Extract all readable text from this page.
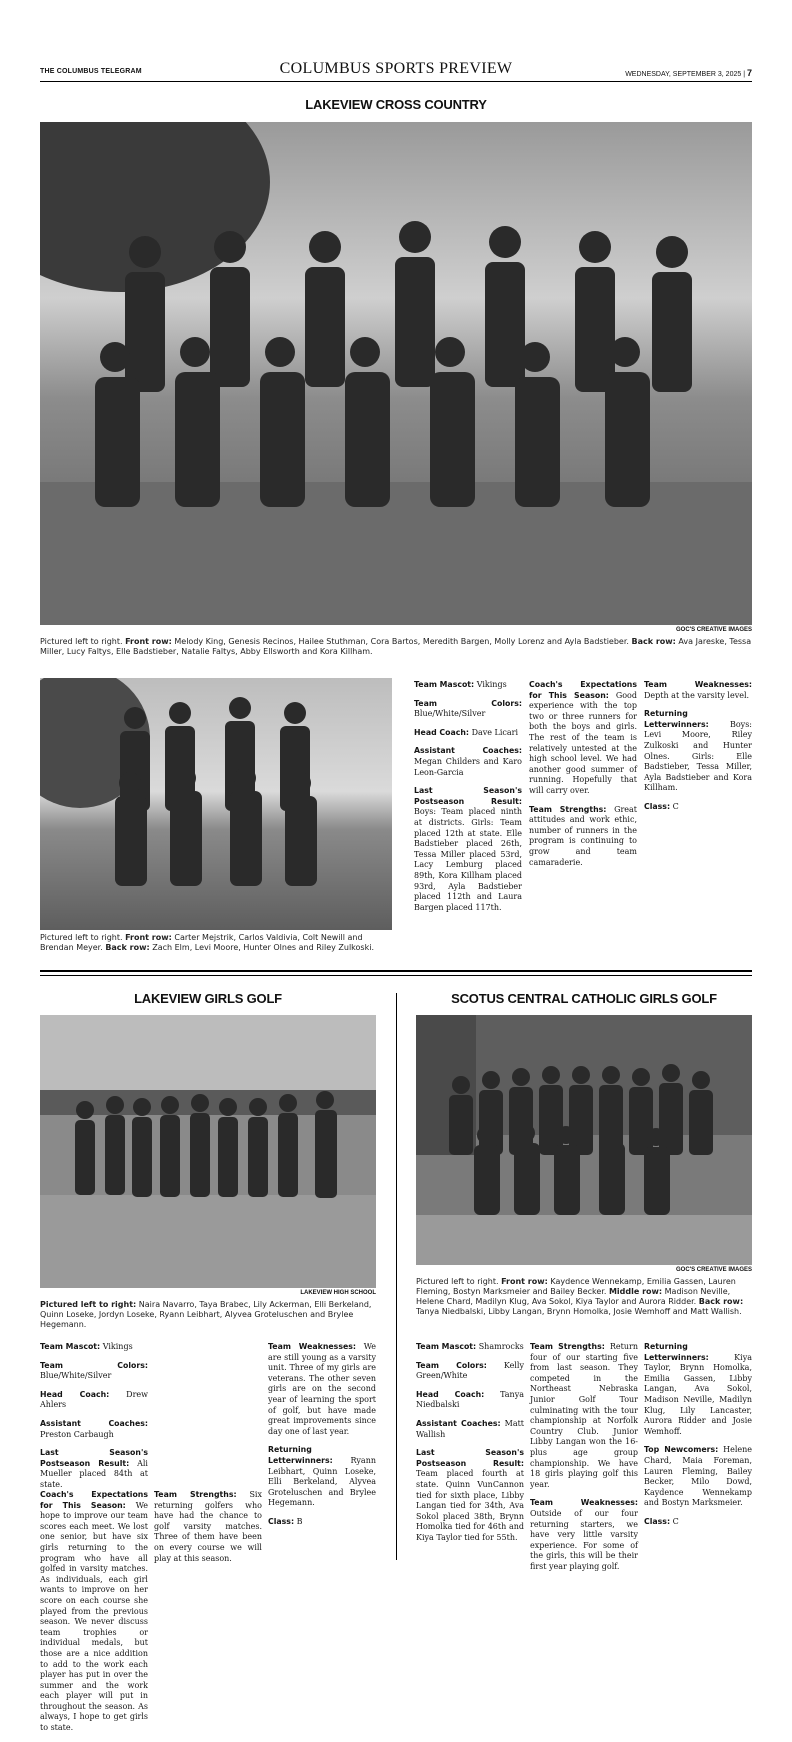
THE COLUMBUS TELEGRAM	COLUMBUS SPORTS PREVIEW	WEDNESDAY, SEPTEMBER 3, 2025 | 7
LAKEVIEW CROSS COUNTRY
GOC'S CREATIVE IMAGES
Pictured left to right. Front row: Melody King, Genesis Recinos, Hailee Stuthman, Cora Bartos, Meredith Bargen, Molly Lorenz and Ayla Badstieber. Back row: Ava Jareske, Tessa Miller, Lucy Faltys, Elle Badstieber, Natalie Faltys, Abby Ellsworth and Kora Killham.
Pictured left to right. Front row: Carter Mejstrik, Carlos Valdivia, Colt Newill and Brendan Meyer. Back row: Zach Elm, Levi Moore, Hunter Olnes and Riley Zulkoski.

Team Mascot: Vikings

Team Colors: Blue/White/Silver

Head Coach: Dave Licari

Assistant Coaches: Megan Childers and Karo Leon-Garcia

Last Season's Postseason Result: Boys: Team placed ninth at districts. Girls: Team placed 12th at state. Elle Badstieber placed 26th, Tessa Miller placed 53rd, Lacy Lemburg placed 89th, Kora Killham placed 93rd, Ayla Badstieber placed 112th and Laura Bargen placed 117th.

Coach's Expectations for This Season: Good experience with the top two or three runners for both the boys and girls. The rest of the team is relatively untested at the high school level. We had another good summer of running. Hopefully that will carry over.

Team Strengths: Great attitudes and work ethic, number of runners in the program is continuing to grow and team camaraderie.

Team Weaknesses: Depth at the varsity level.

Returning Letterwinners:	Boys: Levi Moore, Riley Zulkoski and Hunter Olnes. Girls: Elle Badstieber, Tessa Miller, Ayla Badstieber and Kora Killham.

Class: C

LAKEVIEW GIRLS GOLF
LAKEVIEW HIGH SCHOOL
Pictured left to right: Naira Navarro, Taya Brabec, Lily Ackerman, Elli Berkeland, Quinn Loseke, Jordyn Loseke, Ryann Leibhart, Alyvea Groteluschen and Brylee Hegemann.

Team Mascot: Vikings

Team Colors: Blue/White/Silver

Head Coach: Drew Ahlers

Assistant Coaches: Preston Carbaugh

Last Season's Postseason Result: Ali Mueller placed 84th at state.

Coach's Expectations for This Season: We hope to improve our team scores each meet. We lost one senior, but have six girls returning to the program who have all golfed in varsity matches. As individuals, each girl wants to improve on her score on each course she played from the previous season. We never discuss team trophies or individual medals, but those are a nice addition to add to the work each player has put in over the summer and the work each player will put in throughout the season. As always, I hope to get girls to state.

Team Weaknesses: We are still young as a varsity unit. Three of my girls are veterans. The other seven girls are on the second year of learning the sport of golf, but have made great improvements since day one of last year.

Returning Letterwinners: Ryann Leibhart, Quinn Loseke, Elli Berkeland, Alyvea Groteluschen and Brylee Hegemann.

Class: B

Team Strengths: Six returning golfers who have had the chance to golf varsity matches. Three of them have been on every course we will play at this season.

SCOTUS CENTRAL CATHOLIC GIRLS GOLF
GOC'S CREATIVE IMAGES
Pictured left to right. Front row: Kaydence Wennekamp, Emilia Gassen, Lauren Fleming, Bostyn Marksmeier and Bailey Becker. Middle row: Madison Neville, Helene Chard, Madilyn Klug, Ava Sokol, Kiya Taylor and Aurora Ridder. Back row: Tanya Niedbalski, Libby Langan, Brynn Homolka, Josie Wemhoff and Matt Wallish.

Team Mascot: Shamrocks

Team Colors: Kelly Green/White

Head Coach: Tanya Niedbalski

Assistant Coaches: Matt Wallish

Last Season's Postseason Result: Team placed fourth at state. Quinn VunCannon tied for sixth place, Libby Langan tied for 34th, Ava Sokol placed 38th, Brynn Homolka tied for 46th and Kiya Taylor tied for 55th.

Team Strengths: Return four of our starting five from last season. They competed in the Northeast Nebraska Junior Golf Tour culminating with the tour championship at Norfolk Country Club. Junior Libby Langan won the 16-plus age group championship. We have 18 girls playing golf this year.

Team Weaknesses: Outside of our four returning starters, we have very little varsity experience. For some of the girls, this will be their first year playing golf.

Returning Letterwinners:	Kiya Taylor, Brynn Homolka, Emilia Gassen, Libby Langan, Ava Sokol, Madison Neville, Madilyn Klug, Lily Lancaster, Aurora Ridder and Josie Wemhoff.

Top Newcomers: Helene Chard, Maia Foreman, Lauren Fleming, Bailey Becker, Milo Dowd, Kaydence Wennekamp and Bostyn Marksmeier.

Class: C
